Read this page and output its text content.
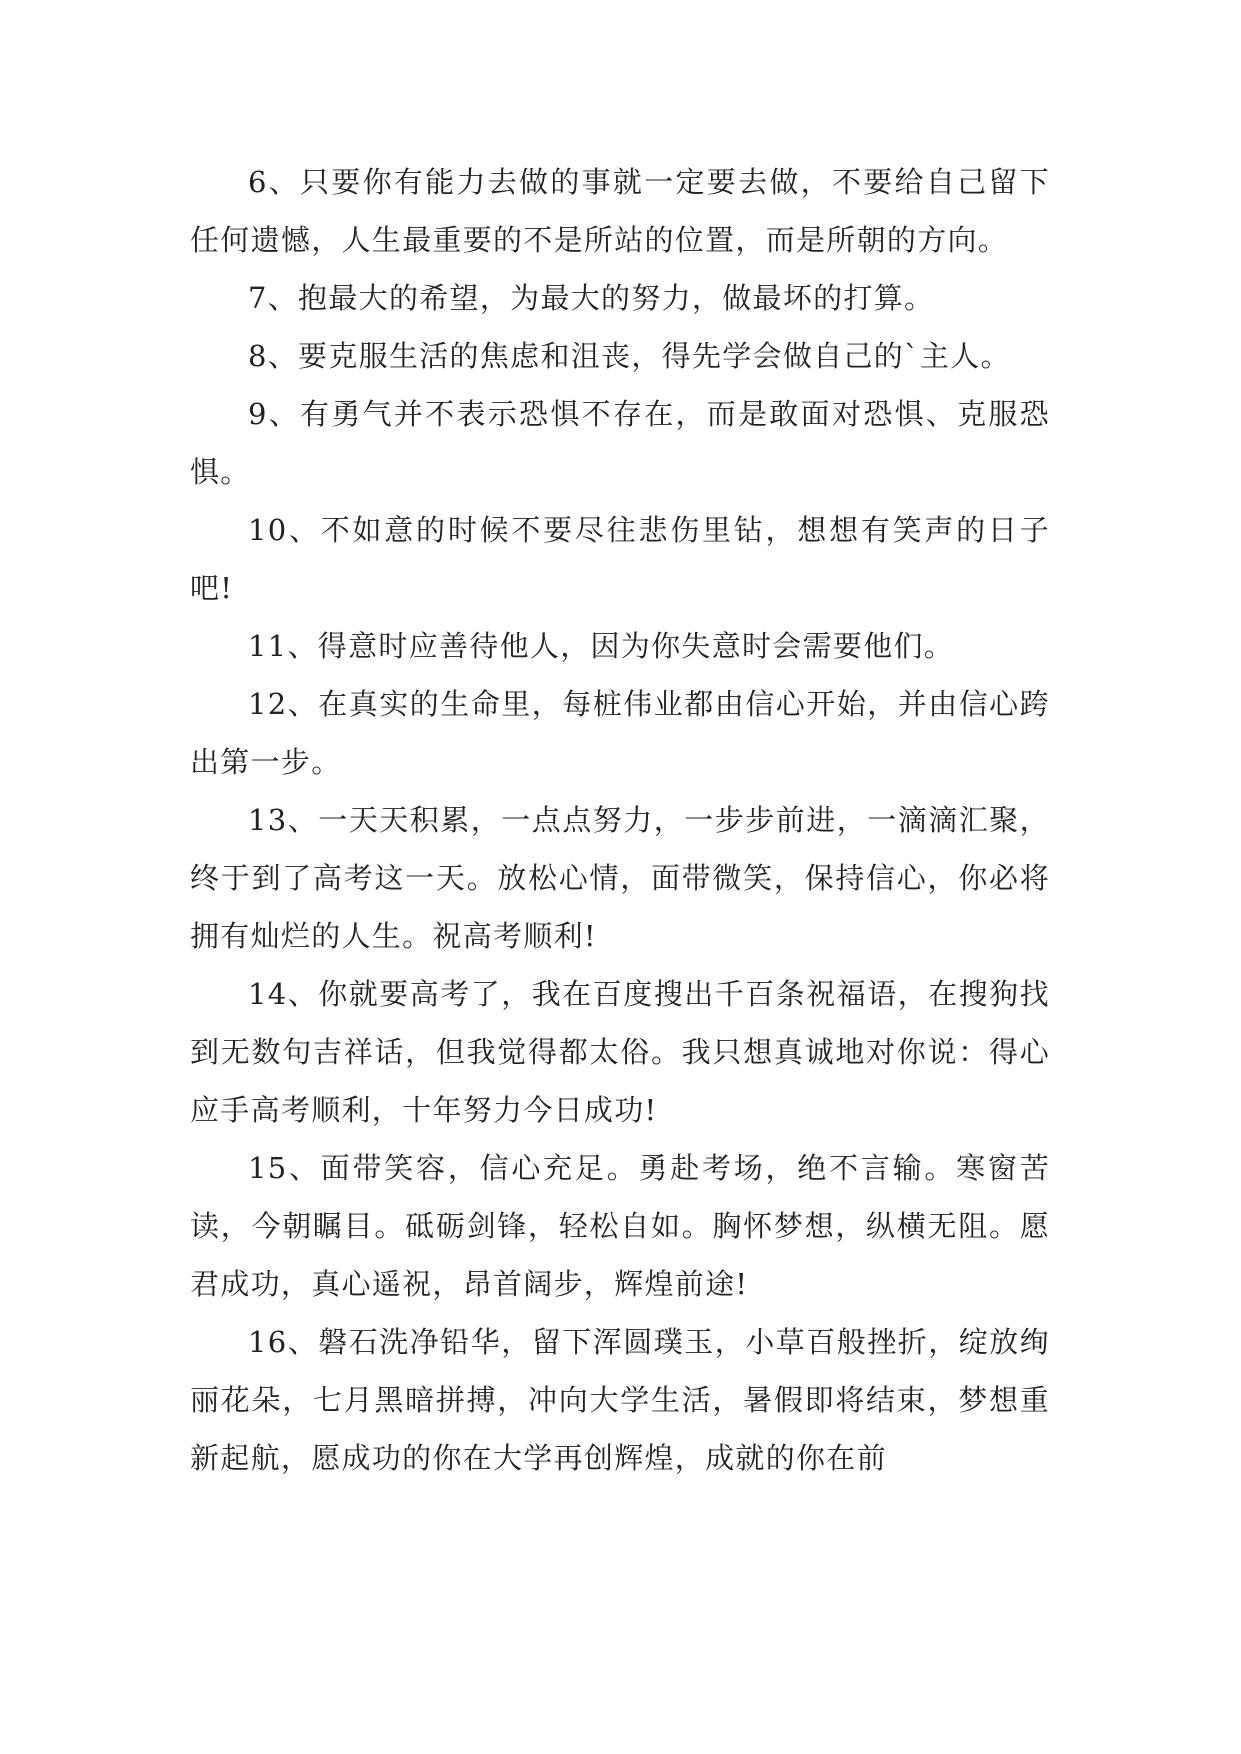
6、只要你有能力去做的事就一定要去做，不要给自己留下任何遗憾，人生最重要的不是所站的位置，而是所朝的方向。

7、抱最大的希望，为最大的努力，做最坏的打算。

8、要克服生活的焦虑和沮丧，得先学会做自己的`主人。

9、有勇气并不表示恐惧不存在，而是敢面对恐惧、克服恐惧。

10、不如意的时候不要尽往悲伤里钻，想想有笑声的日子吧!

11、得意时应善待他人，因为你失意时会需要他们。

12、在真实的生命里，每桩伟业都由信心开始，并由信心跨出第一步。

13、一天天积累，一点点努力，一步步前进，一滴滴汇聚，终于到了高考这一天。放松心情，面带微笑，保持信心，你必将拥有灿烂的人生。祝高考顺利!

14、你就要高考了，我在百度搜出千百条祝福语，在搜狗找到无数句吉祥话，但我觉得都太俗。我只想真诚地对你说：得心应手高考顺利，十年努力今日成功!

15、面带笑容，信心充足。勇赴考场，绝不言输。寒窗苦读，今朝瞩目。砥砺剑锋，轻松自如。胸怀梦想，纵横无阻。愿君成功，真心遥祝，昂首阔步，辉煌前途!

16、磐石洗净铅华，留下浑圆璞玉，小草百般挫折，绽放绚丽花朵，七月黑暗拼搏，冲向大学生活，暑假即将结束，梦想重新起航，愿成功的你在大学再创辉煌，成就的你在前
